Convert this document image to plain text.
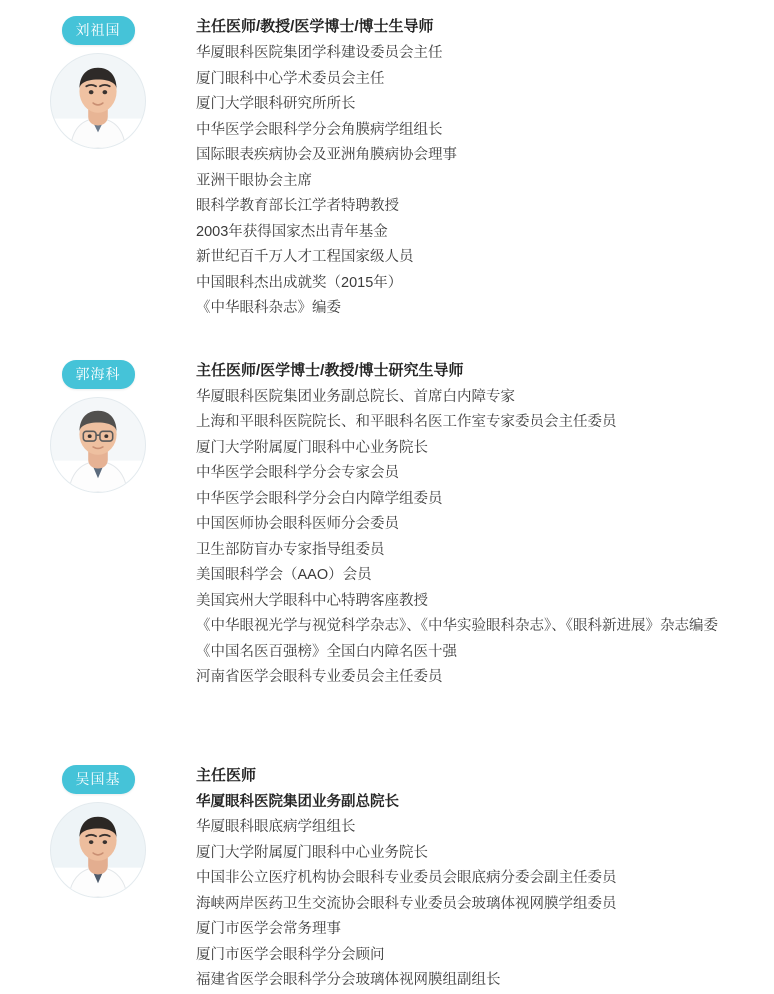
刘祖国	主任医师/教授/医学博士/博士生导师
华厦眼科医院集团学科建设委员会主任
厦门眼科中心学术委员会主任
厦门大学眼科研究所所长
中华医学会眼科学分会角膜病学组组长
国际眼表疾病协会及亚洲角膜病协会理事
亚洲干眼协会主席
眼科学教育部长江学者特聘教授
2003年获得国家杰出青年基金
新世纪百千万人才工程国家级人员
中国眼科杰出成就奖（2015年）
《中华眼科杂志》编委
郭海科	主任医师/医学博士/教授/博士研究生导师
华厦眼科医院集团业务副总院长、首席白内障专家
上海和平眼科医院院长、和平眼科名医工作室专家委员会主任委员
厦门大学附属厦门眼科中心业务院长
中华医学会眼科学分会专家会员
中华医学会眼科学分会白内障学组委员
中国医师协会眼科医师分会委员
卫生部防盲办专家指导组委员
美国眼科学会（AAO）会员
美国宾州大学眼科中心特聘客座教授
《中华眼视光学与视觉科学杂志》、《中华实验眼科杂志》、《眼科新进展》杂志编委
《中国名医百强榜》全国白内障名医十强
河南省医学会眼科专业委员会主任委员
吴国基	主任医师
华厦眼科医院集团业务副总院长
华厦眼科眼底病学组组长
厦门大学附属厦门眼科中心业务院长
中国非公立医疗机构协会眼科专业委员会眼底病分委会副主任委员
海峡两岸医药卫生交流协会眼科专业委员会玻璃体视网膜学组委员
厦门市医学会常务理事
厦门市医学会眼科学分会顾问
福建省医学会眼科学分会玻璃体视网膜组副组长
